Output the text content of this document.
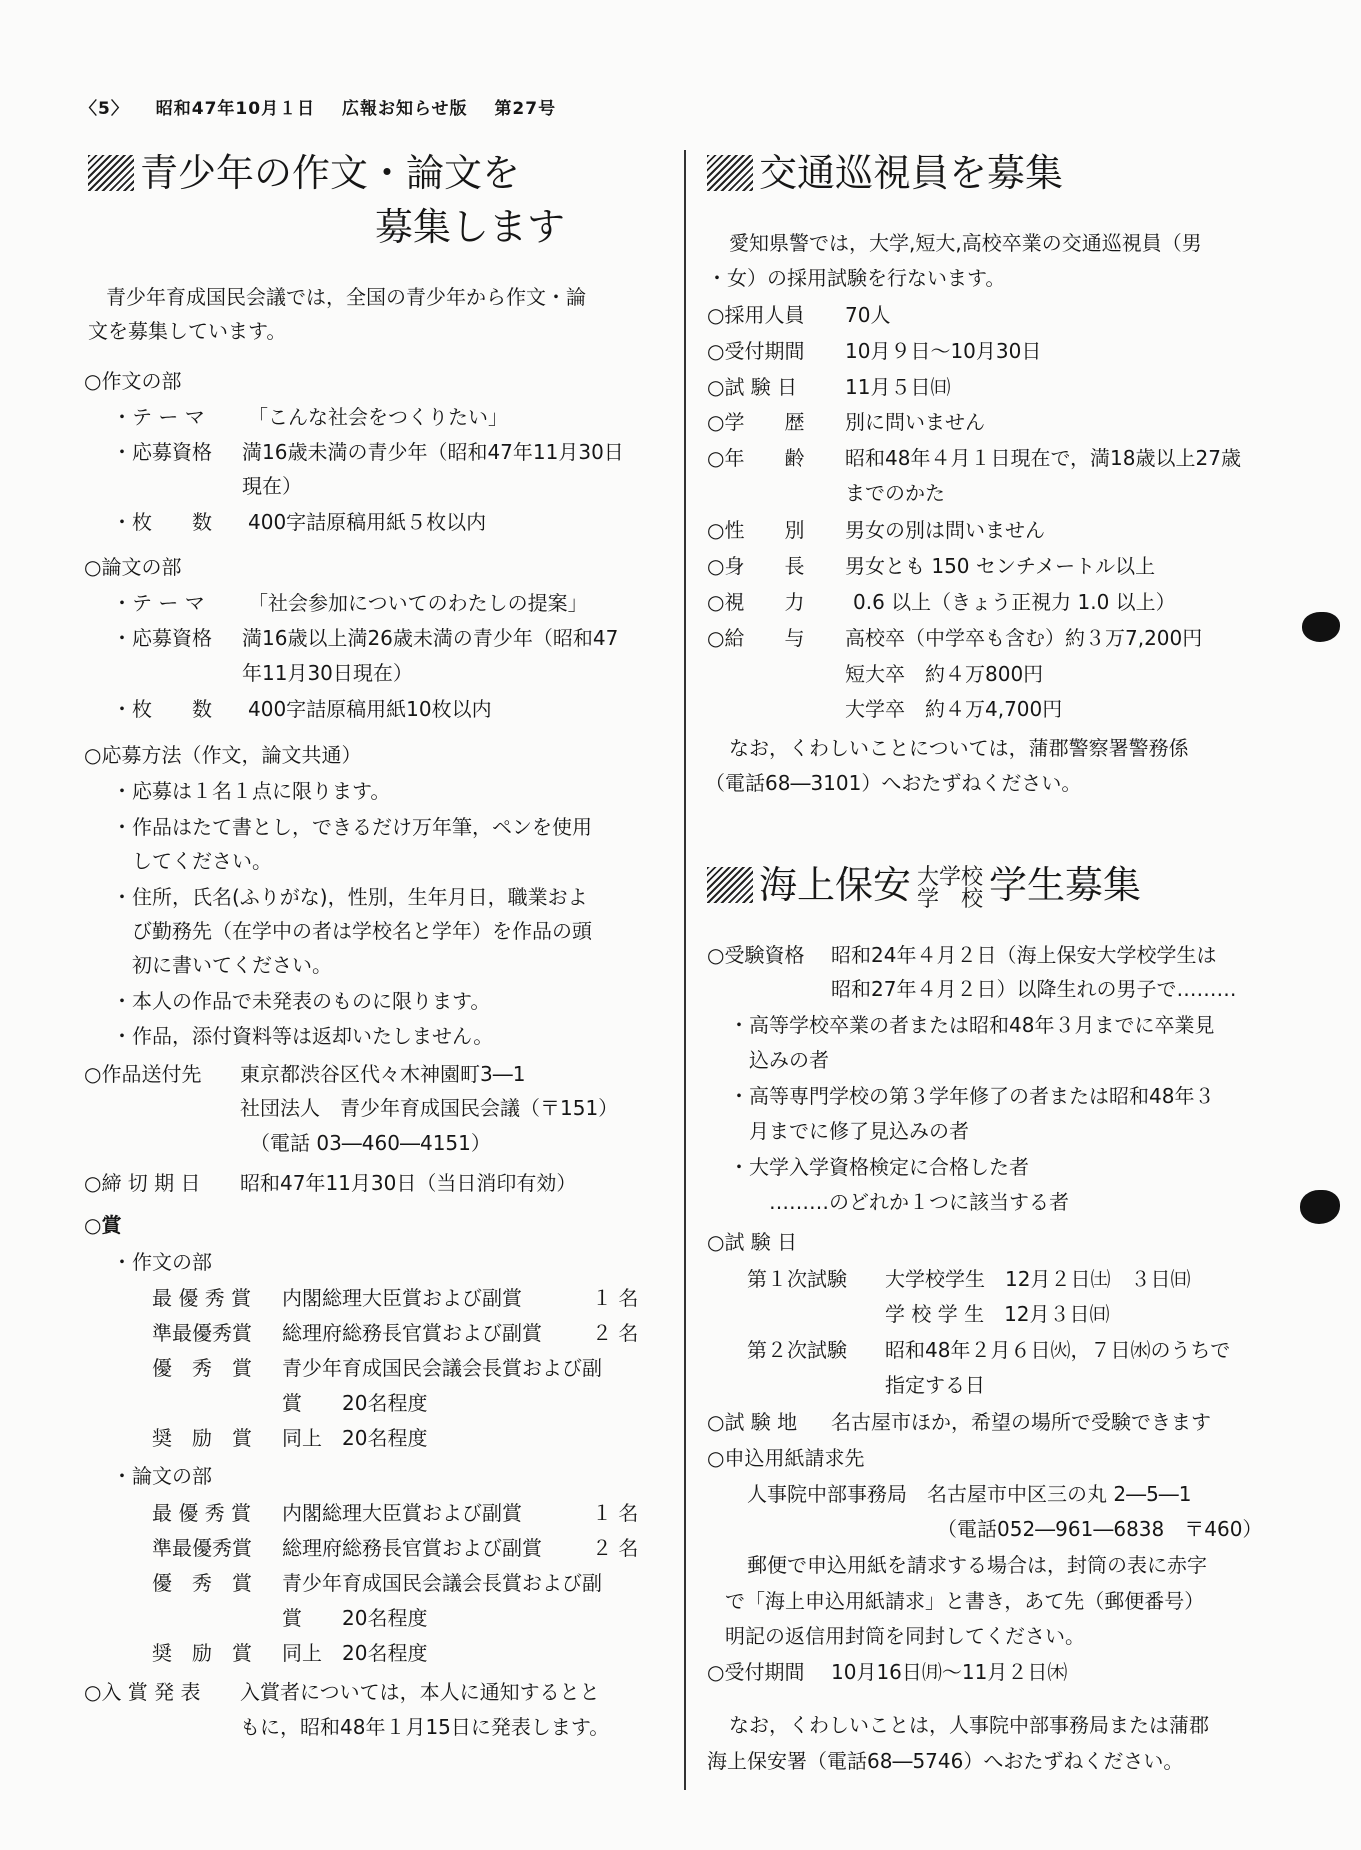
〈5〉 昭和47年10月１日 広報お知らせ版 第27号
青少年の作文・論文を
募集します
青少年育成国民会議では，全国の青少年から作文・論
文を募集しています。
○作文の部
・テ ー マ 「こんな社会をつくりたい」
・応募資格 満16歳未満の青少年（昭和47年11月30日
現在）
・枚　　数 400字詰原稿用紙５枚以内
○論文の部
・テ ー マ 「社会参加についてのわたしの提案」
・応募資格 満16歳以上満26歳未満の青少年（昭和47
年11月30日現在）
・枚　　数 400字詰原稿用紙10枚以内
○応募方法（作文，論文共通）
・応募は１名１点に限ります。
・作品はたて書とし，できるだけ万年筆，ペンを使用
　してください。
・住所，氏名(ふりがな)，性別，生年月日，職業およ
　び勤務先（在学中の者は学校名と学年）を作品の頭
　初に書いてください。
・本人の作品で未発表のものに限ります。
・作品，添付資料等は返却いたしません。
○作品送付先 東京都渋谷区代々木神園町3―1
社団法人　青少年育成国民会議（〒151）
（電話 03―460―4151）
○締 切 期 日 昭和47年11月30日（当日消印有効）
○賞
・作文の部
最 優 秀 賞 内閣総理大臣賞および副賞	１ 名
準最優秀賞 総理府総務長官賞および副賞	２ 名
優　秀　賞 青少年育成国民会議会長賞および副
賞　　20名程度
奨　励　賞 同上　20名程度
・論文の部
最 優 秀 賞 内閣総理大臣賞および副賞	１ 名
準最優秀賞 総理府総務長官賞および副賞	２ 名
優　秀　賞 青少年育成国民会議会長賞および副
賞　　20名程度
奨　励　賞 同上　20名程度
○入 賞 発 表 入賞者については，本人に通知するとと
もに，昭和48年１月15日に発表します。
交通巡視員を募集
愛知県警では，大学,短大,高校卒業の交通巡視員（男
・女）の採用試験を行ないます。
○採用人員 70人
○受付期間 10月９日～10月30日
○試 験 日 11月５日㈰
○学　　歴 別に問いません
○年　　齢 昭和48年４月１日現在で，満18歳以上27歳
までのかた
○性　　別 男女の別は問いません
○身　　長 男女とも 150 センチメートル以上
○視　　力 0.6 以上（きょう正視力 1.0 以上）
○給　　与 高校卒（中学卒も含む）約３万7,200円
短大卒　約４万800円
大学卒　約４万4,700円
なお，くわしいことについては，蒲郡警察署警務係
（電話68―3101）へおたずねください。
海上保安 大学校
学　校 学生募集
○受験資格 昭和24年４月２日（海上保安大学校学生は
昭和27年４月２日）以降生れの男子で………
・高等学校卒業の者または昭和48年３月までに卒業見
　込みの者
・高等専門学校の第３学年修了の者または昭和48年３
　月までに修了見込みの者
・大学入学資格検定に合格した者
　　………のどれか１つに該当する者
○試 験 日
第１次試験 大学校学生　12月２日㈯　３日㈰
学 校 学 生　12月３日㈰
第２次試験 昭和48年２月６日㈫，７日㈬のうちで
指定する日
○試 験 地 名古屋市ほか，希望の場所で受験できます
○申込用紙請求先
人事院中部事務局　名古屋市中区三の丸 2―5―1
（電話052―961―6838　〒460）
郵便で申込用紙を請求する場合は，封筒の表に赤字
で「海上申込用紙請求」と書き，あて先（郵便番号）
明記の返信用封筒を同封してください。
○受付期間 10月16日㈪～11月２日㈭
なお，くわしいことは，人事院中部事務局または蒲郡
海上保安署（電話68―5746）へおたずねください。
